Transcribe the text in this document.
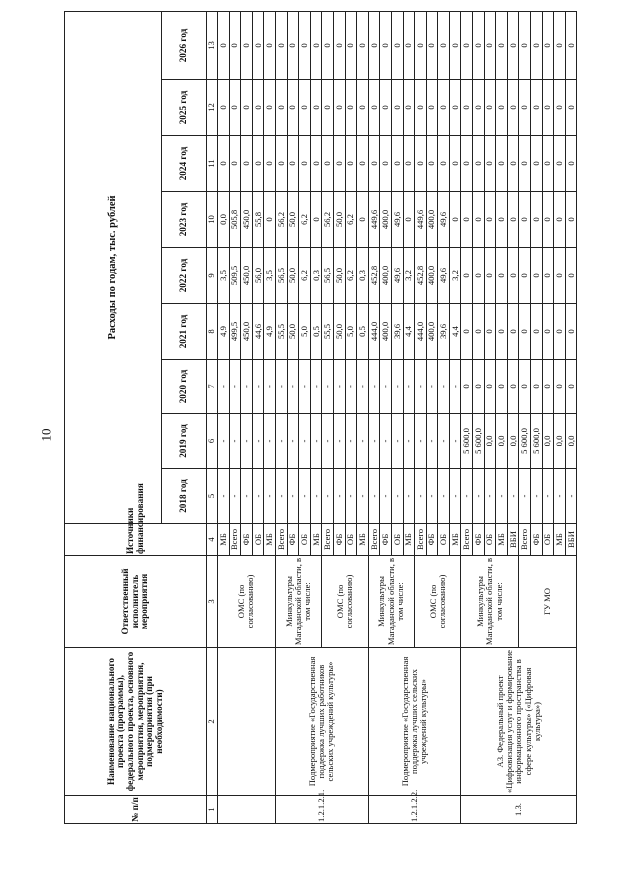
10
№ п/п	Наименование национального проекта (программы), федерального проекта, основного мероприятия, мероприятия, подмероприятия (при необходимости)	Ответственный исполнитель мероприятия	Источники финансирования	Расходы по годам, тыс. рублей								
				2018 год	2019 год	2020 год	2021 год	2022 год	2023 год	2024 год	2025 год	2026 год
1	2	3	4	5	6	7	8	9	10	11	12	13
		ОМС (по согласованию)	МБ	-	-	-	4,9	3,5	0,0	0	0	0
			Всего	-	-	-	499,5	509,5	505,8	0	0	0
			ФБ	-	-	-	450,0	450,0	450,0	0	0	0
			ОБ	-	-	-	44,6	56,0	55,8	0	0	0
			МБ	-	-	-	4,9	3,5	0	0	0	0
1.2.1.2.1.	Подмероприятие «Государственная поддержка лучших работников сельских учреждений культуры»	Минкультуры Магаданской области, в том числе:	Всего	-	-	-	55,5	56,5	56,2	0	0	0
			ФБ	-	-	-	50,0	50,0	50,0	0	0	0
			ОБ	-	-	-	5,0	6,2	6,2	0	0	0
			МБ	-	-	-	0,5	0,3	0	0	0	0
		ОМС (по согласованию)	Всего	-	-	-	55,5	56,5	56,2	0	0	0
			ФБ	-	-	-	50,0	50,0	50,0	0	0	0
			ОБ	-	-	-	5,0	6,2	6,2	0	0	0
			МБ	-	-	-	0,5	0,3	0	0	0	0
1.2.1.2.2.	Подмероприятие «Государственная поддержка лучших сельских учреждений культуры»	Минкультуры Магаданской области, в том числе:	Всего	-	-	-	444,0	452,8	449,6	0	0	0
			ФБ	-	-	-	400,0	400,0	400,0	0	0	0
			ОБ	-	-	-	39,6	49,6	49,6	0	0	0
			МБ	-	-	-	4,4	3,2	0	0	0	0
		ОМС (по согласованию)	Всего	-	-	-	444,0	452,8	449,6	0	0	0
			ФБ	-	-	-	400,0	400,0	400,0	0	0	0
			ОБ	-	-	-	39,6	49,6	49,6	0	0	0
			МБ	-	-	-	4,4	3,2	0	0	0	0
1.3.	А3. Федеральный проект «Цифровизация услуг и формирование информационного пространства в сфере культуры» («Цифровая культура»)	Минкультуры Магаданской области, в том числе:	Всего	-	5 600,0	0	0	0	0	0	0	0
			ФБ	-	5 600,0	0	0	0	0	0	0	0
			ОБ	-	0,0	0	0	0	0	0	0	0
			МБ	-	0,0	0	0	0	0	0	0	0
			ВБИ	-	0,0	0	0	0	0	0	0	0
		ГУ МО	Всего	-	5 600,0	0	0	0	0	0	0	0
			ФБ	-	5 600,0	0	0	0	0	0	0	0
			ОБ	-	0,0	0	0	0	0	0	0	0
			МБ	-	0,0	0	0	0	0	0	0	0
			ВБИ	-	0,0	0	0	0	0	0	0	0
